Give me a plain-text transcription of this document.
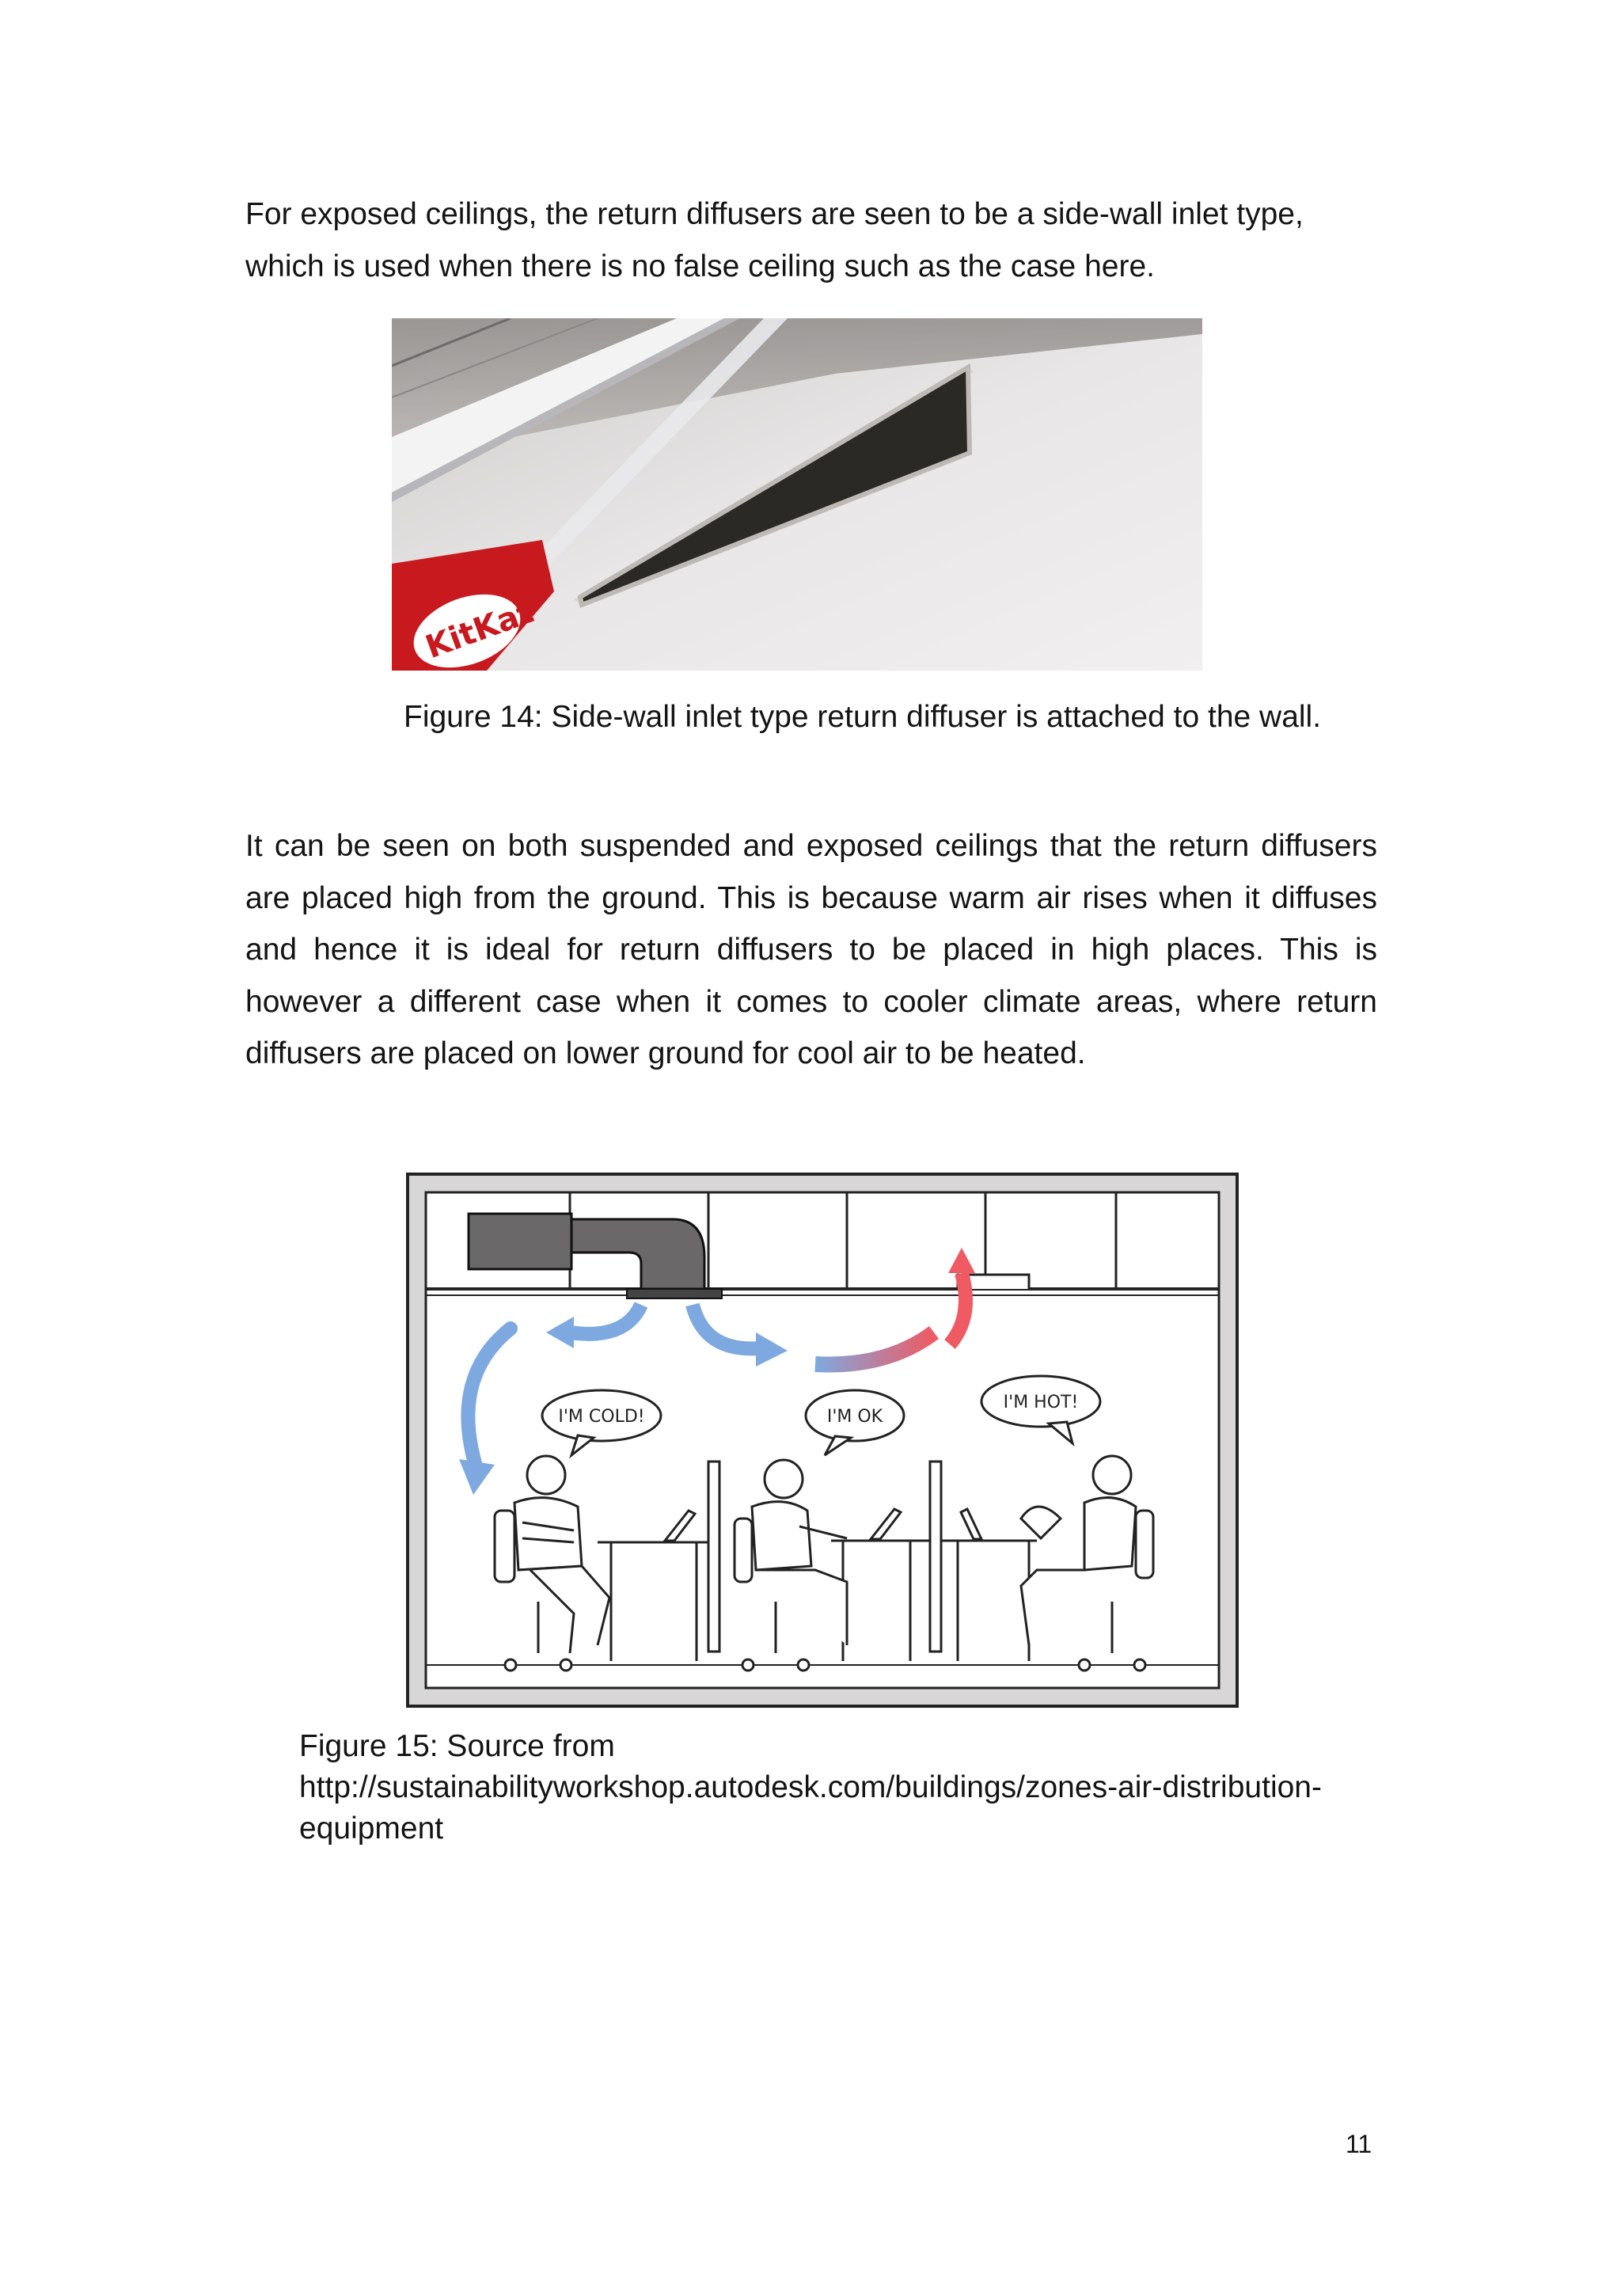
For exposed ceilings, the return diffusers are seen to be a side-wall inlet type, which is used when there is no false ceiling such as the case here.

KitKat

Figure 14: Side-wall inlet type return diffuser is attached to the wall.

It can be seen on both suspended and exposed ceilings that the return diffusers are placed high from the ground. This is because warm air rises when it diffuses and hence it is ideal for return diffusers to be placed in high places. This is however a different case when it comes to cooler climate areas, where return diffusers are placed on lower ground for cool air to be heated.

I'M COLD!	I'M OK
I'M HOT!

Figure 15: Source from http://sustainabilityworkshop.autodesk.com/buildings/zones-air-distribution-equipment

11
